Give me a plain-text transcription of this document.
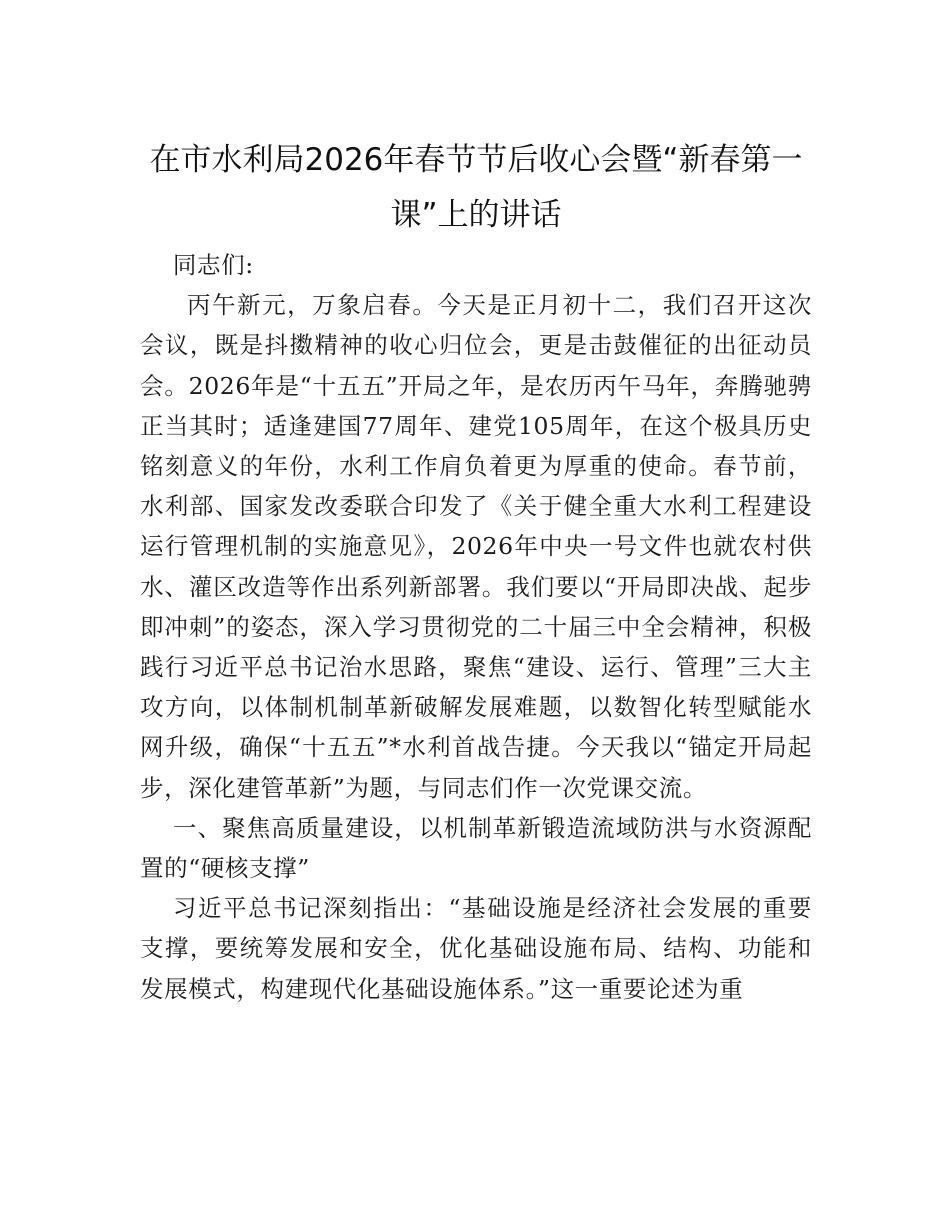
在市水利局2026年春节节后收心会暨“新春第一课”上的讲话

同志们:

丙午新元，万象启春。今天是正月初十二，我们召开这次会议，既是抖擞精神的收心归位会，更是击鼓催征的出征动员会。2026年是“十五五”开局之年，是农历丙午马年，奔腾驰骋正当其时；适逢建国77周年、建党105周年，在这个极具历史铭刻意义的年份，水利工作肩负着更为厚重的使命。春节前，水利部、国家发改委联合印发了《关于健全重大水利工程建设运行管理机制的实施意见》，2026年中央一号文件也就农村供水、灌区改造等作出系列新部署。我们要以“开局即决战、起步即冲刺”的姿态，深入学习贯彻党的二十届三中全会精神，积极践行习近平总书记治水思路，聚焦“建设、运行、管理”三大主攻方向，以体制机制革新破解发展难题，以数智化转型赋能水网升级，确保“十五五”*水利首战告捷。今天我以“锚定开局起步，深化建管革新”为题，与同志们作一次党课交流。

一、聚焦高质量建设，以机制革新锻造流域防洪与水资源配置的“硬核支撑”

习近平总书记深刻指出：“基础设施是经济社会发展的重要支撑，要统筹发展和安全，优化基础设施布局、结构、功能和发展模式，构建现代化基础设施体系。”这一重要论述为重
